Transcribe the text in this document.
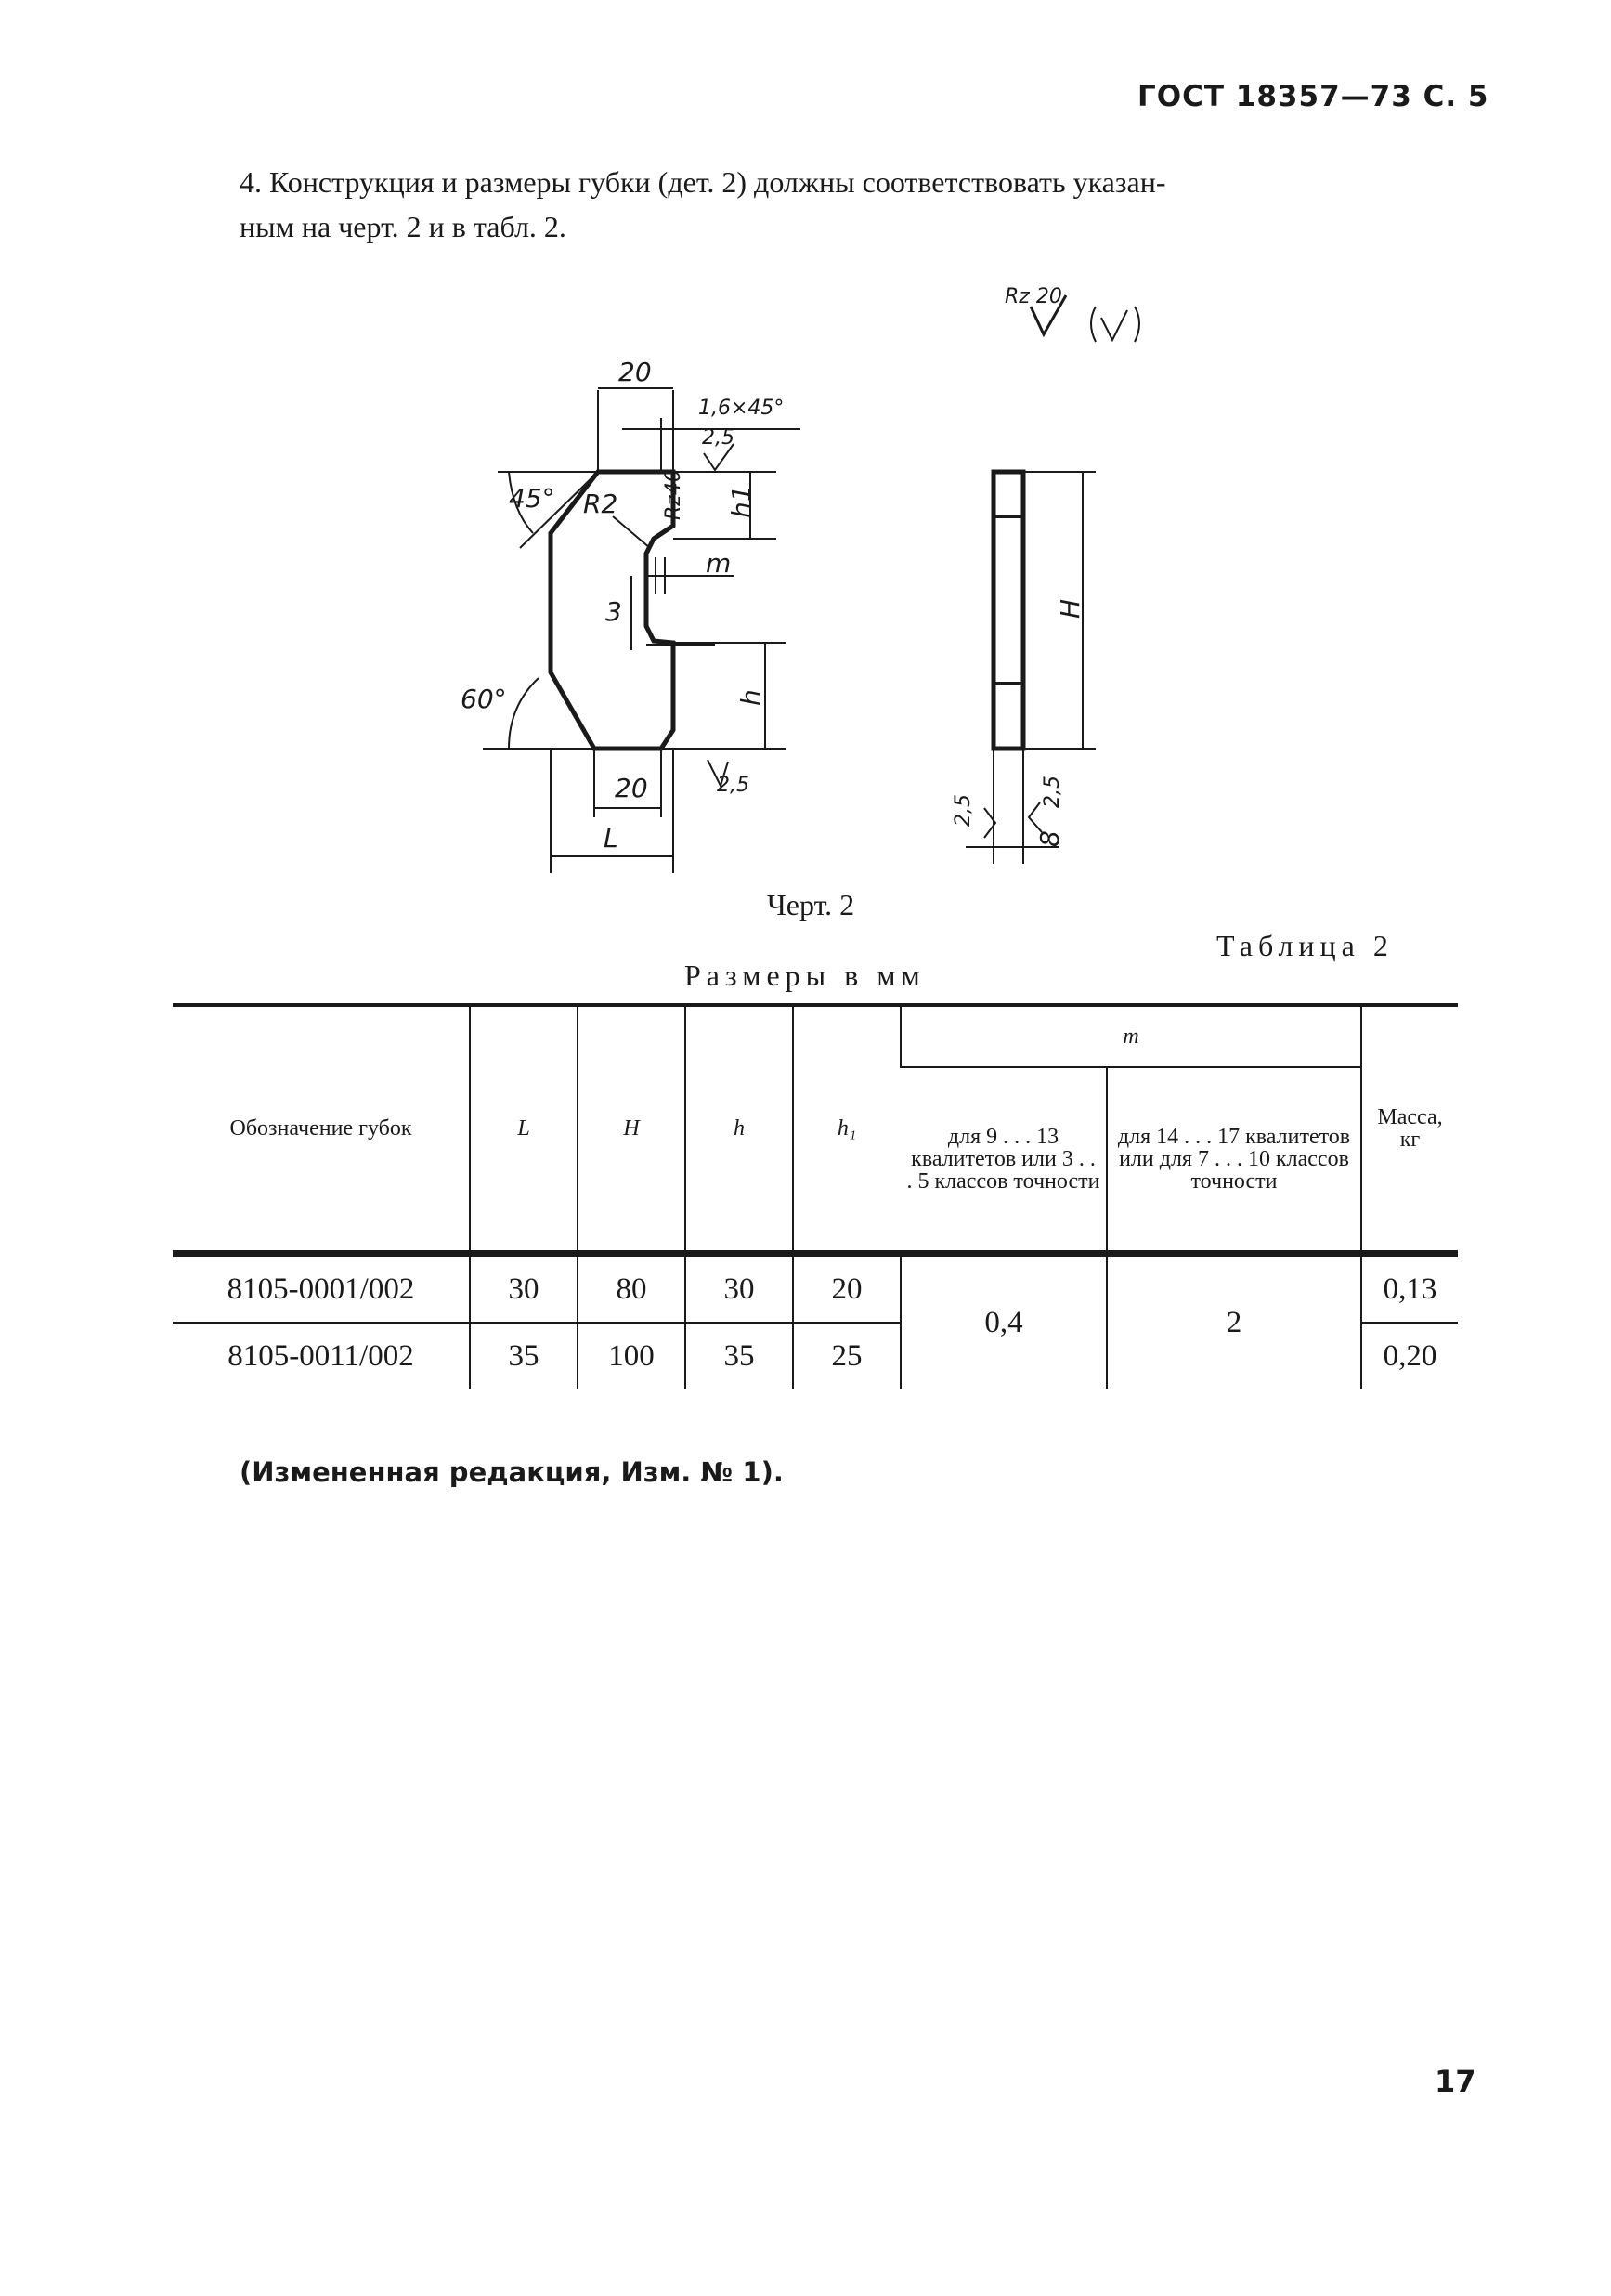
ГОСТ 18357—73 С. 5
4. Конструкция и размеры губки (дет. 2) должны соответствовать указан-
ным на черт. 2 и в табл. 2.
Rz 20
20
1,6×45°
2,5
45° R2 Rz40 h1
m
3
60°	h
20	2,5
L
H
2,5
2,5
8
Черт. 2
Таблица 2
Размеры в мм
Обозначение губок	L	H	h	h₁	m		Масса, кг
					для 9 . . . 13 квалитетов или 3 . . . 5 классов точности	для 14 . . . 17 квалитетов или для 7 . . . 10 классов точности	
8105-0001/002	30	80	30	20	0,4	2	0,13
8105-0011/002	35	100	35	25			0,20
(Измененная редакция, Изм. № 1).
17
